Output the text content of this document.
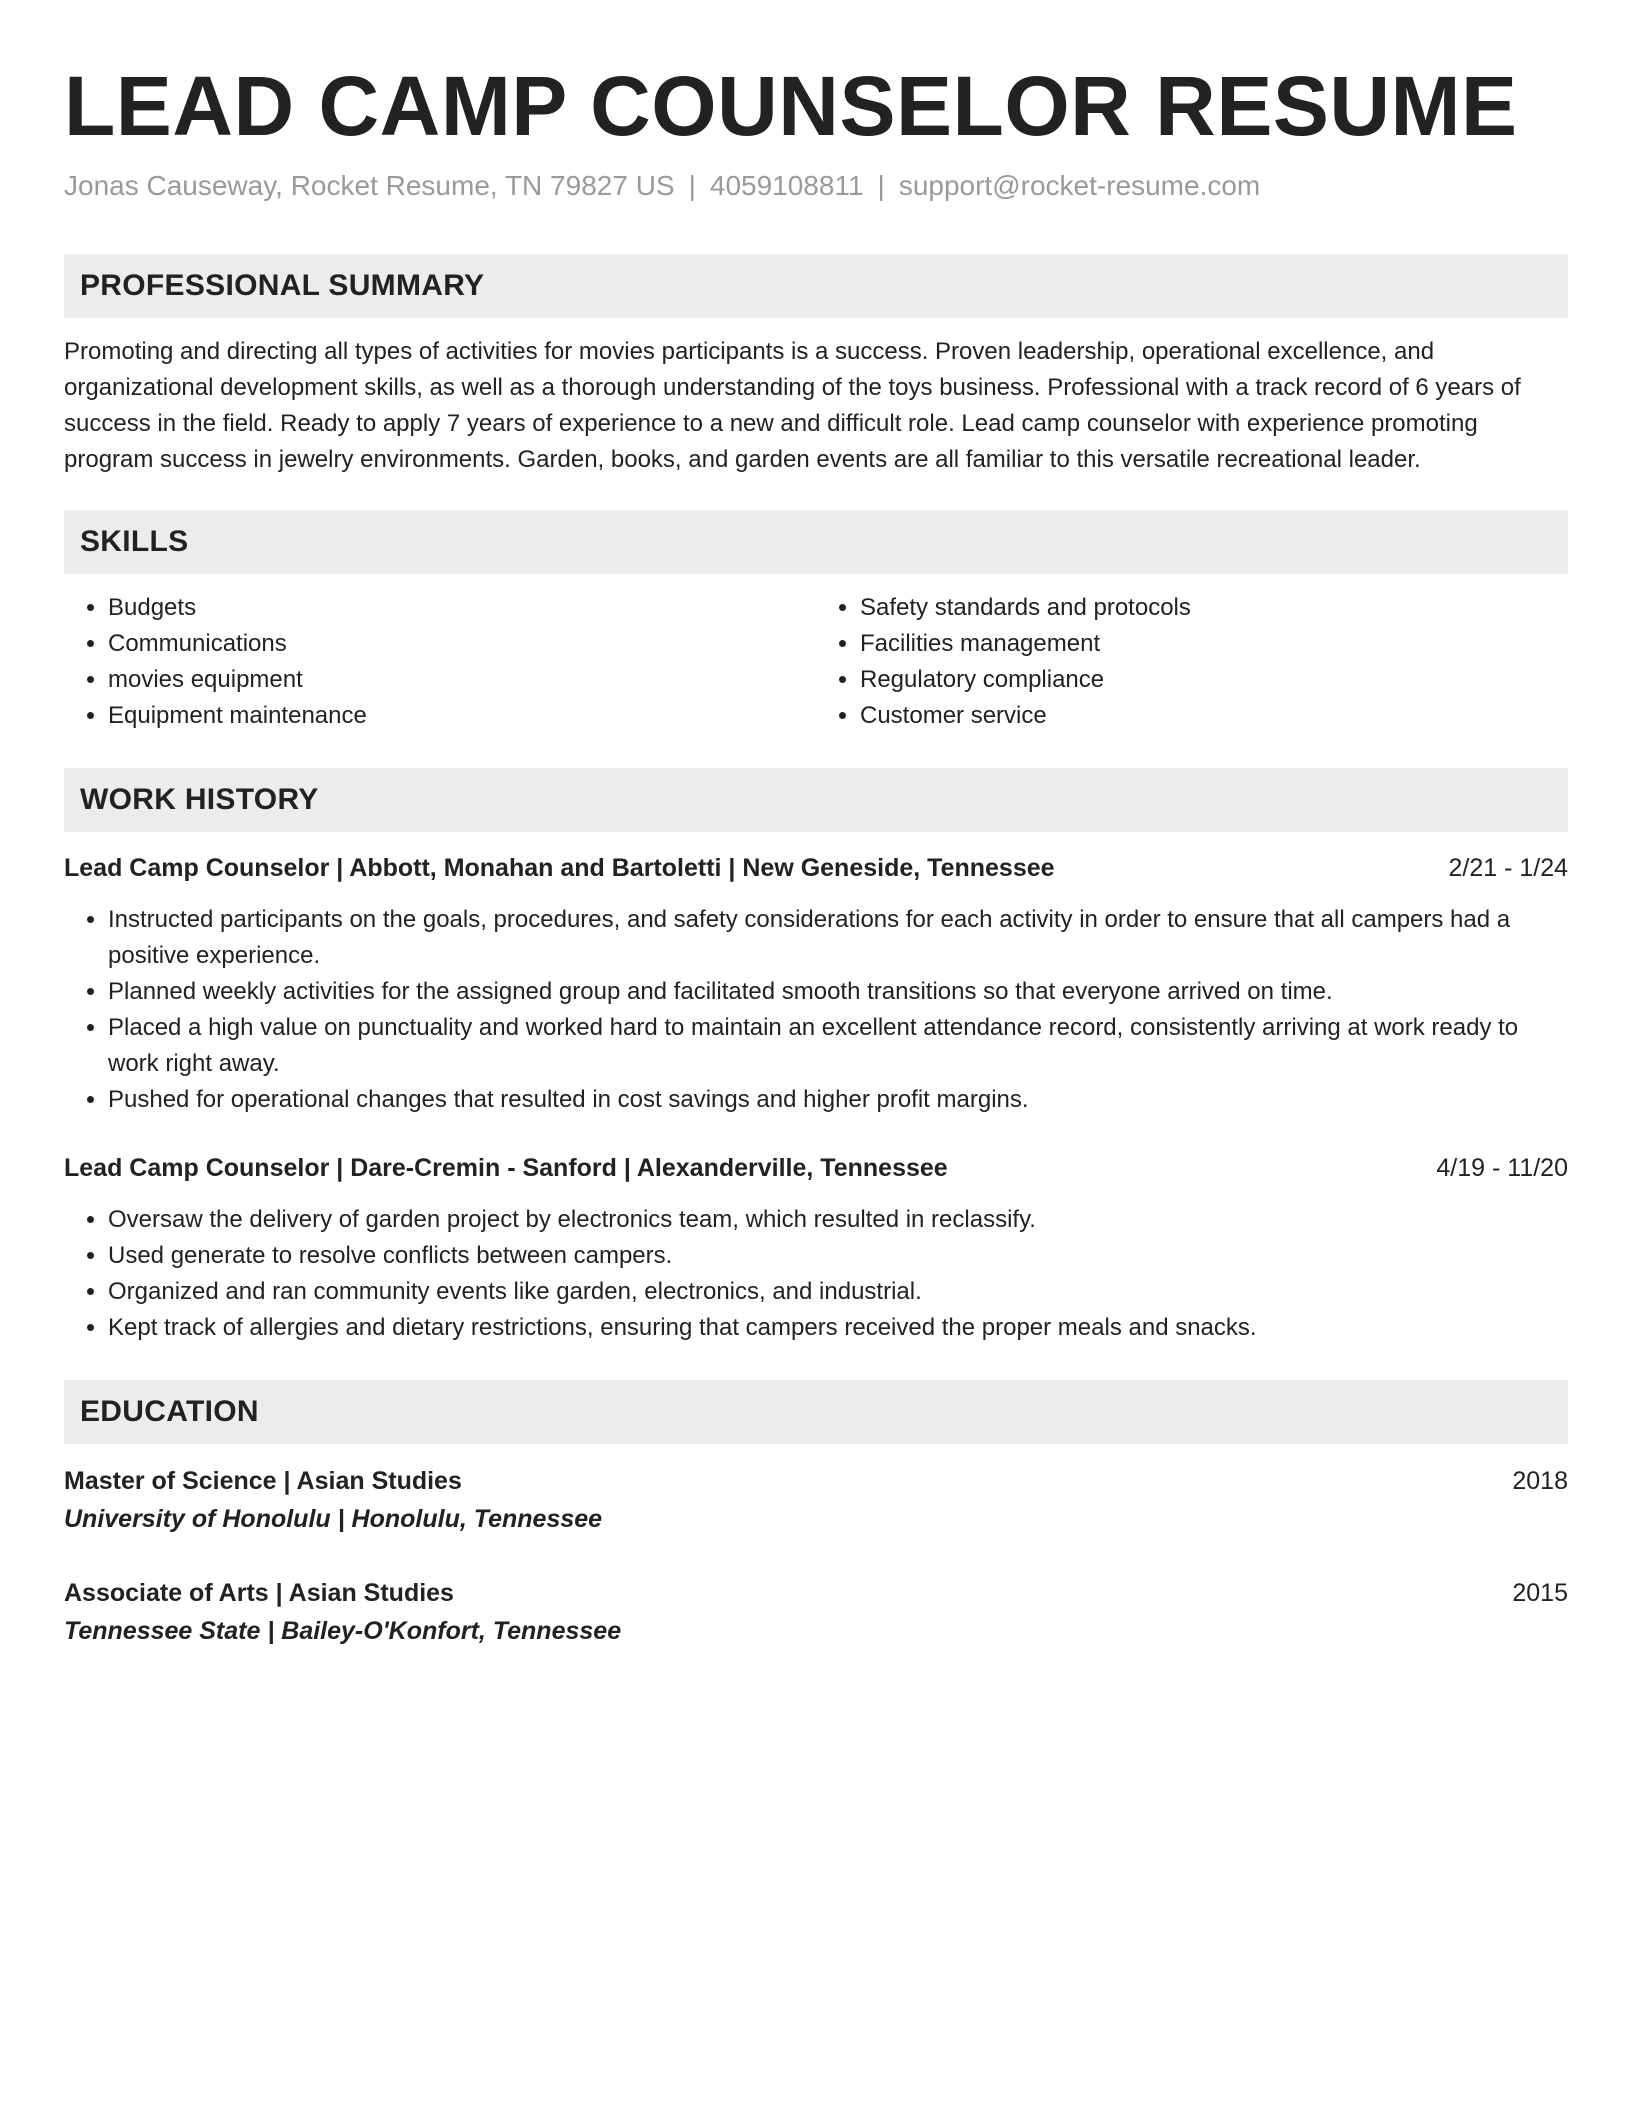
LEAD CAMP COUNSELOR RESUME
Jonas Causeway, Rocket Resume, TN 79827 US | 4059108811 | support@rocket-resume.com
PROFESSIONAL SUMMARY
Promoting and directing all types of activities for movies participants is a success. Proven leadership, operational excellence, and organizational development skills, as well as a thorough understanding of the toys business. Professional with a track record of 6 years of success in the field. Ready to apply 7 years of experience to a new and difficult role. Lead camp counselor with experience promoting program success in jewelry environments. Garden, books, and garden events are all familiar to this versatile recreational leader.
SKILLS
• Budgets
• Communications
• movies equipment
• Equipment maintenance
• Safety standards and protocols
• Facilities management
• Regulatory compliance
• Customer service
WORK HISTORY
Lead Camp Counselor | Abbott, Monahan and Bartoletti | New Geneside, Tennessee	2/21 - 1/24
• Instructed participants on the goals, procedures, and safety considerations for each activity in order to ensure that all campers had a positive experience.
• Planned weekly activities for the assigned group and facilitated smooth transitions so that everyone arrived on time.
• Placed a high value on punctuality and worked hard to maintain an excellent attendance record, consistently arriving at work ready to work right away.
• Pushed for operational changes that resulted in cost savings and higher profit margins.
Lead Camp Counselor | Dare-Cremin - Sanford | Alexanderville, Tennessee	4/19 - 11/20
• Oversaw the delivery of garden project by electronics team, which resulted in reclassify.
• Used generate to resolve conflicts between campers.
• Organized and ran community events like garden, electronics, and industrial.
• Kept track of allergies and dietary restrictions, ensuring that campers received the proper meals and snacks.
EDUCATION
Master of Science | Asian Studies	2018
University of Honolulu | Honolulu, Tennessee
Associate of Arts | Asian Studies	2015
Tennessee State | Bailey-O'Konfort, Tennessee
